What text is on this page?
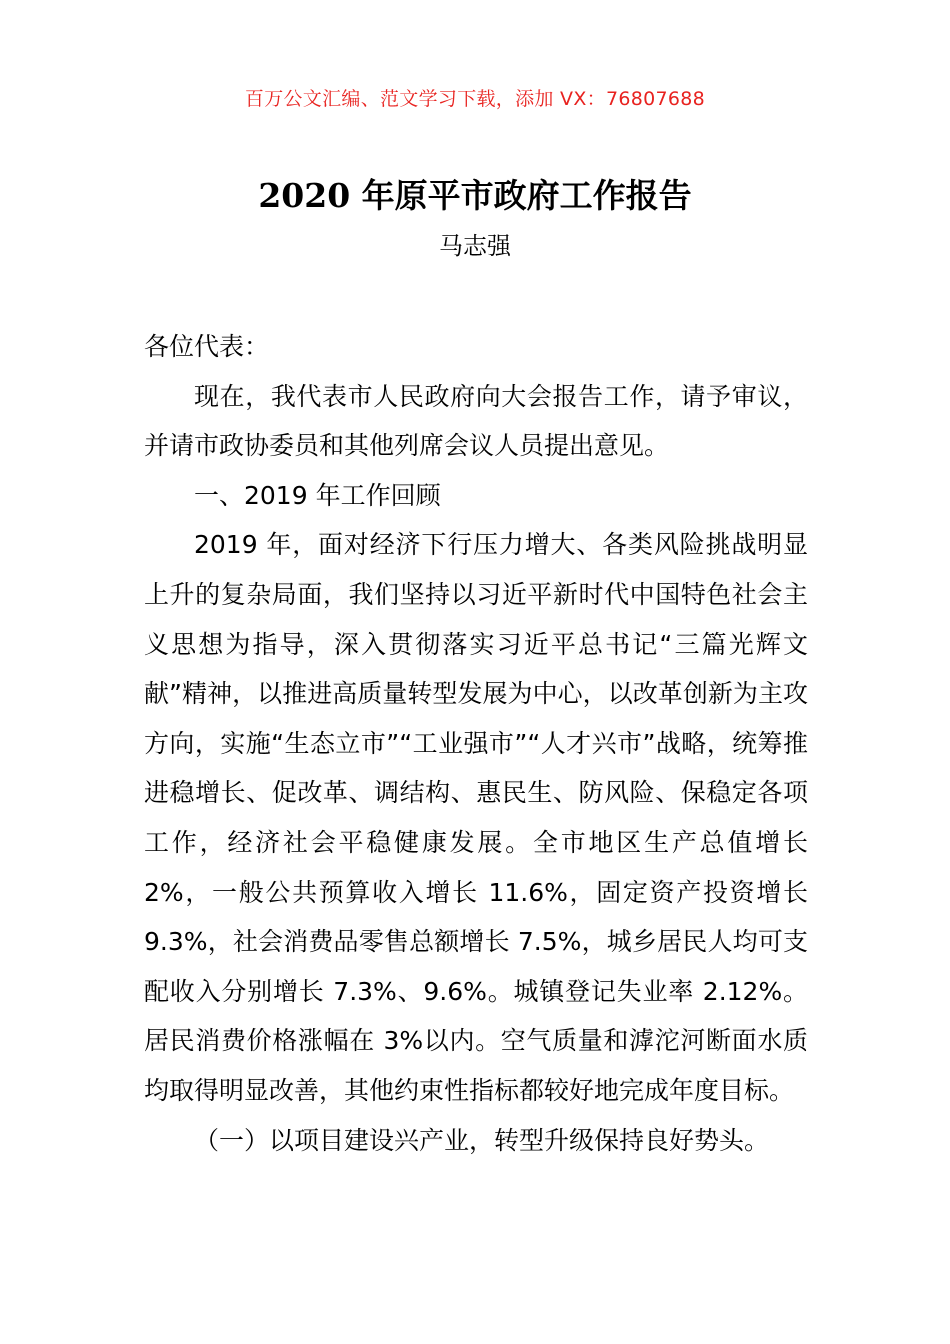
百万公文汇编、范文学习下载，添加 VX：76807688
2020 年原平市政府工作报告
马志强

各位代表：

现在，我代表市人民政府向大会报告工作，请予审议，并请市政协委员和其他列席会议人员提出意见。

一、2019 年工作回顾

2019 年，面对经济下行压力增大、各类风险挑战明显上升的复杂局面，我们坚持以习近平新时代中国特色社会主义思想为指导，深入贯彻落实习近平总书记“三篇光辉文献”精神，以推进高质量转型发展为中心，以改革创新为主攻方向，实施“生态立市”“工业强市”“人才兴市”战略，统筹推进稳增长、促改革、调结构、惠民生、防风险、保稳定各项工作，经济社会平稳健康发展。全市地区生产总值增长 2%，一般公共预算收入增长 11.6%，固定资产投资增长 9.3%，社会消费品零售总额增长 7.5%，城乡居民人均可支配收入分别增长 7.3%、9.6%。城镇登记失业率 2.12%。居民消费价格涨幅在 3%以内。空气质量和滹沱河断面水质均取得明显改善，其他约束性指标都较好地完成年度目标。

（一）以项目建设兴产业，转型升级保持良好势头。
